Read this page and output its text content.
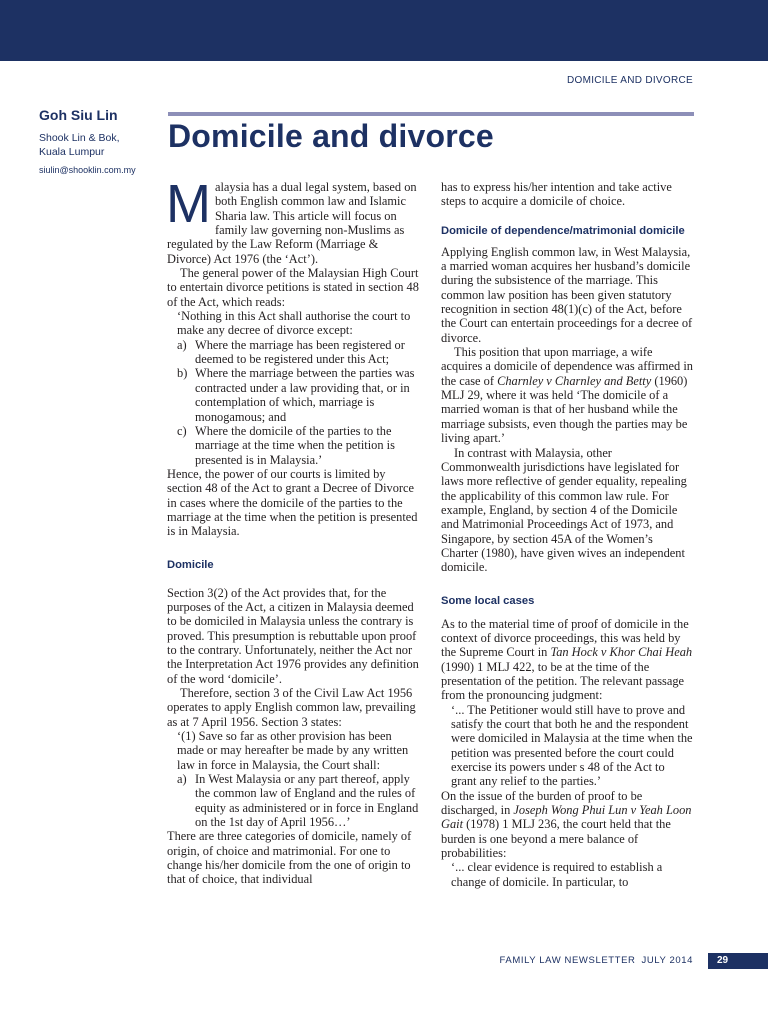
DOMICILE AND DIVORCE
Goh Siu Lin
Shook Lin & Bok,
Kuala Lumpur
siulin@shooklin.com.my
Domicile and divorce

Malaysia has a dual legal system, based on both English common law and Islamic Sharia law. This article will focus on family law governing non-Muslims as regulated by the Law Reform (Marriage & Divorce) Act 1976 (the ‘Act’).

The general power of the Malaysian High Court to entertain divorce petitions is stated in section 48 of the Act, which reads:

‘Nothing in this Act shall authorise the court to make any decree of divorce except:

a) Where the marriage has been registered or deemed to be registered under this Act;

b) Where the marriage between the parties was contracted under a law providing that, or in contemplation of which, marriage is monogamous; and

c) Where the domicile of the parties to the marriage at the time when the petition is presented is in Malaysia.’

Hence, the power of our courts is limited by section 48 of the Act to grant a Decree of Divorce in cases where the domicile of the parties to the marriage at the time when the petition is presented is in Malaysia.

Domicile

Section 3(2) of the Act provides that, for the purposes of the Act, a citizen in Malaysia deemed to be domiciled in Malaysia unless the contrary is proved. This presumption is rebuttable upon proof to the contrary. Unfortunately, neither the Act nor the Interpretation Act 1976 provides any definition of the word ‘domicile’.

Therefore, section 3 of the Civil Law Act 1956 operates to apply English common law, prevailing as at 7 April 1956. Section 3 states:

‘(1) Save so far as other provision has been made or may hereafter be made by any written law in force in Malaysia, the Court shall:

a) In West Malaysia or any part thereof, apply the common law of England and the rules of equity as administered or in force in England on the 1st day of April 1956…’

There are three categories of domicile, namely of origin, of choice and matrimonial. For one to change his/her domicile from the one of origin to that of choice, that individual

has to express his/her intention and take active steps to acquire a domicile of choice.

Domicile of dependence/matrimonial domicile

Applying English common law, in West Malaysia, a married woman acquires her husband’s domicile during the subsistence of the marriage. This common law position has been given statutory recognition in section 48(1)(c) of the Act, before the Court can entertain proceedings for a decree of divorce.

This position that upon marriage, a wife acquires a domicile of dependence was affirmed in the case of Charnley v Charnley and Betty (1960) MLJ 29, where it was held ‘The domicile of a married woman is that of her husband while the marriage subsists, even though the parties may be living apart.’

In contrast with Malaysia, other Commonwealth jurisdictions have legislated for laws more reflective of gender equality, repealing the applicability of this common law rule. For example, England, by section 4 of the Domicile and Matrimonial Proceedings Act of 1973, and Singapore, by section 45A of the Women’s Charter (1980), have given wives an independent domicile.

Some local cases

As to the material time of proof of domicile in the context of divorce proceedings, this was held by the Supreme Court in Tan Hock v Khor Chai Heah (1990) 1 MLJ 422, to be at the time of the presentation of the petition. The relevant passage from the pronouncing judgment:

‘... The Petitioner would still have to prove and satisfy the court that both he and the respondent were domiciled in Malaysia at the time when the petition was presented before the court could exercise its powers under s 48 of the Act to grant any relief to the parties.’

On the issue of the burden of proof to be discharged, in Joseph Wong Phui Lun v Yeah Loon Gait (1978) 1 MLJ 236, the court held that the burden is one beyond a mere balance of probabilities:

‘... clear evidence is required to establish a change of domicile. In particular, to

FAMILY LAW NEWSLETTER JULY 2014	29
